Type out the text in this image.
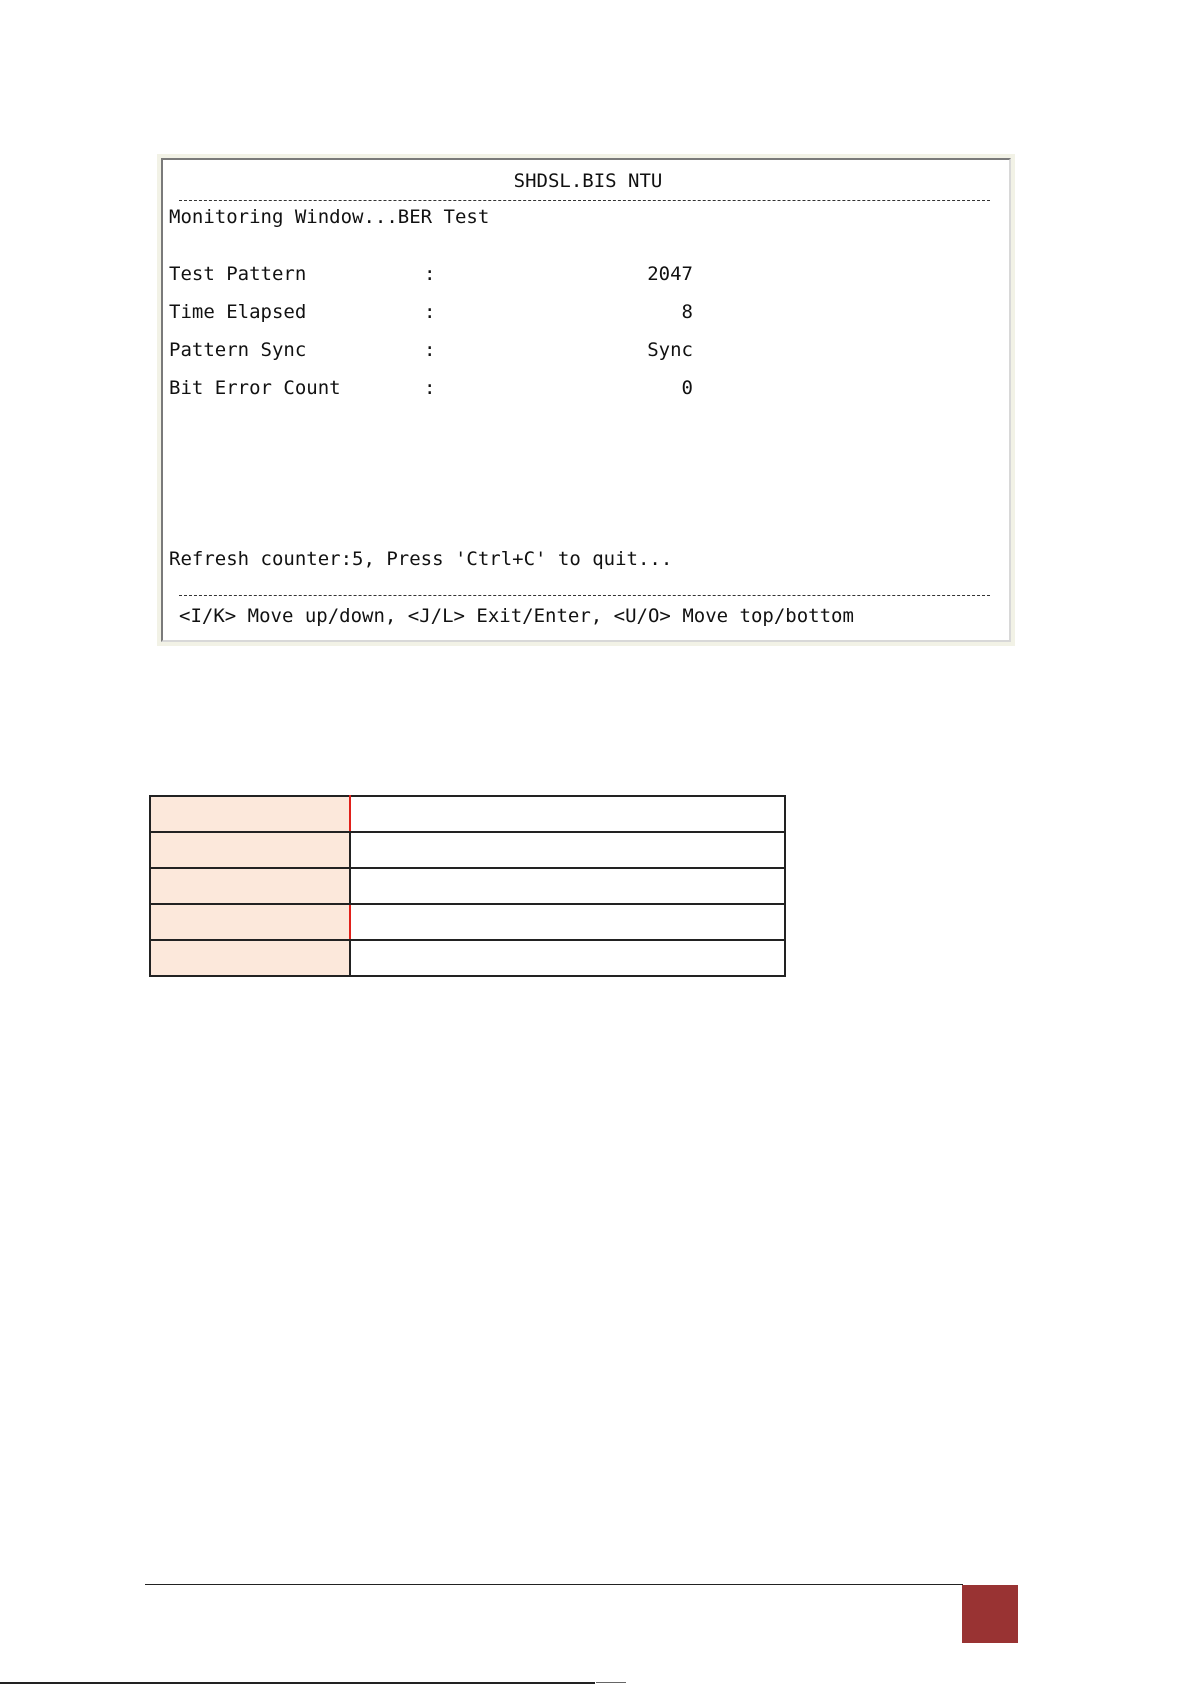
SHDSL.BIS NTU
Monitoring Window...BER Test
Test Pattern	:	2047
Time Elapsed	:	8
Pattern Sync	:	Sync
Bit Error Count	:	0
Refresh counter:5, Press 'Ctrl+C' to quit...
<I/K> Move up/down, <J/L> Exit/Enter, <U/O> Move top/bottom
